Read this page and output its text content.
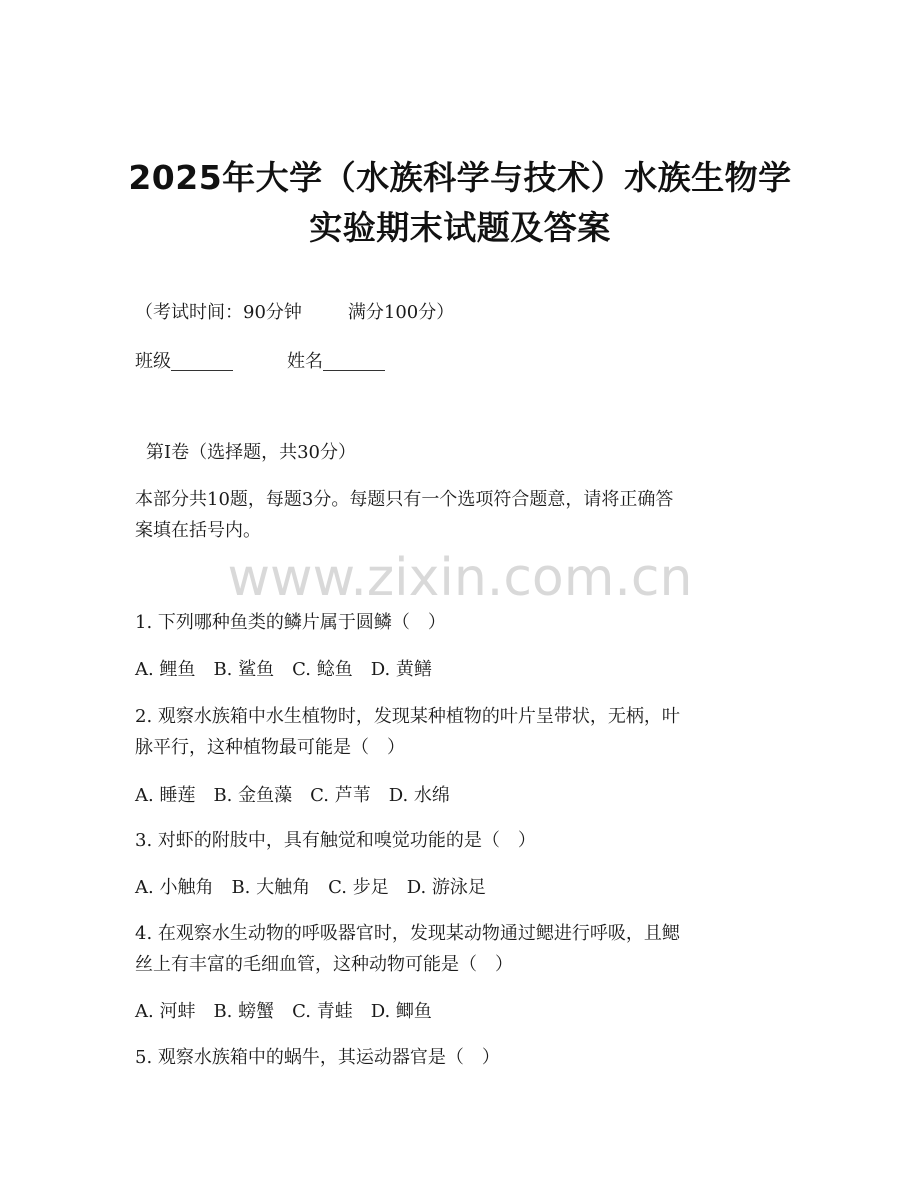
2025年大学（水族科学与技术）水族生物学
实验期末试题及答案

（考试时间：90分钟	满分100分）

班级	姓名

第Ⅰ卷（选择题，共30分）

本部分共10题，每题3分。每题只有一个选项符合题意，请将正确答

案填在括号内。

www.zixin.com.cn

1. 下列哪种鱼类的鳞片属于圆鳞（　）

A. 鲤鱼 B. 鲨鱼 C. 鲶鱼 D. 黄鳝

2. 观察水族箱中水生植物时，发现某种植物的叶片呈带状，无柄，叶

脉平行，这种植物最可能是（　）

A. 睡莲 B. 金鱼藻 C. 芦苇 D. 水绵

3. 对虾的附肢中，具有触觉和嗅觉功能的是（　）

A. 小触角 B. 大触角 C. 步足 D. 游泳足

4. 在观察水生动物的呼吸器官时，发现某动物通过鳃进行呼吸，且鳃

丝上有丰富的毛细血管，这种动物可能是（　）

A. 河蚌 B. 螃蟹 C. 青蛙 D. 鲫鱼

5. 观察水族箱中的蜗牛，其运动器官是（　）
